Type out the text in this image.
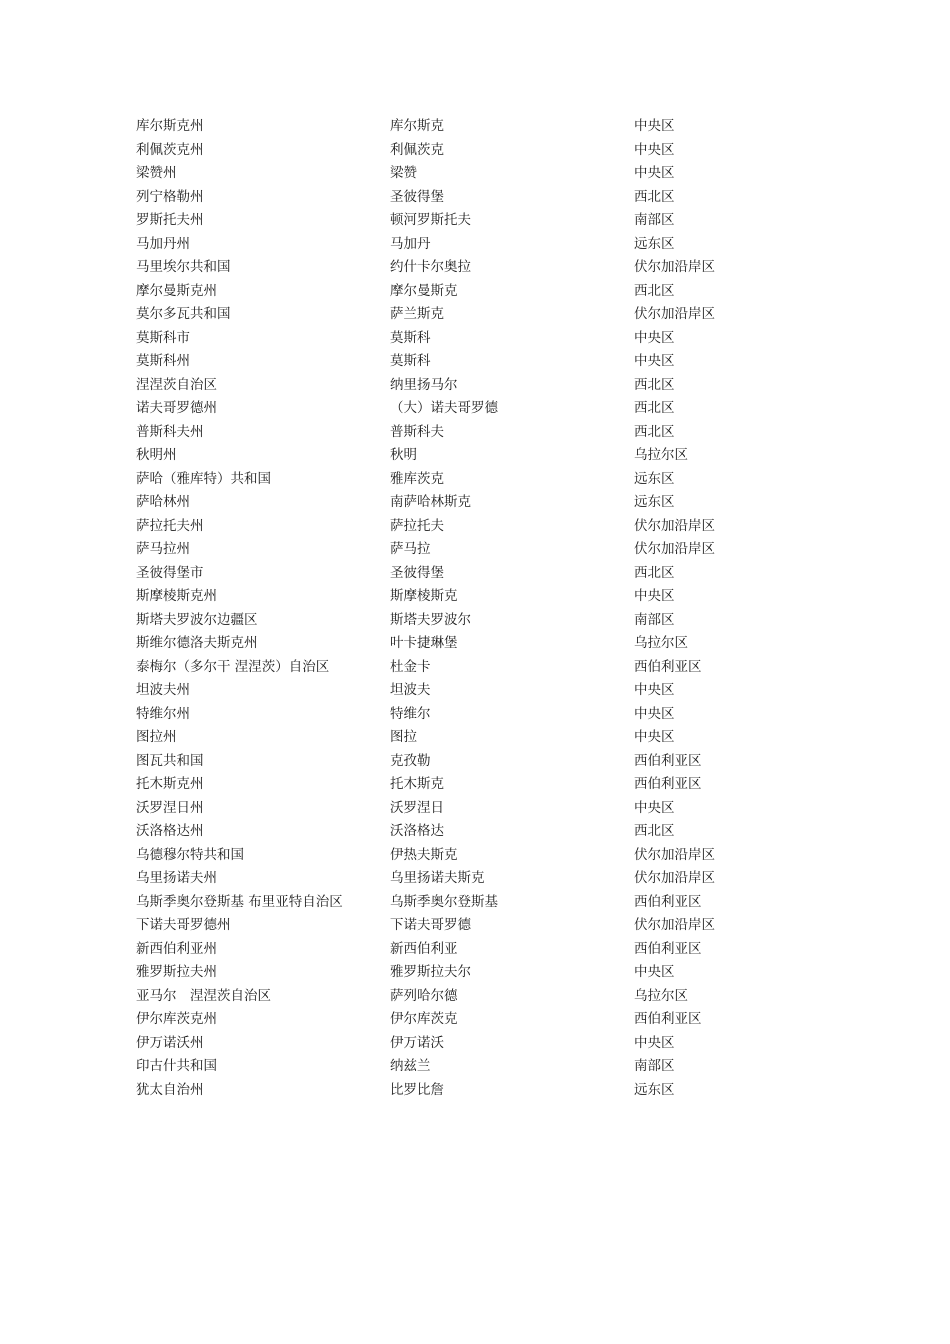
库尔斯克州	库尔斯克	中央区
利佩茨克州	利佩茨克	中央区
梁赞州	梁赞	中央区
列宁格勒州	圣彼得堡	西北区
罗斯托夫州	顿河罗斯托夫	南部区
马加丹州	马加丹	远东区
马里埃尔共和国	约什卡尔奥拉	伏尔加沿岸区
摩尔曼斯克州	摩尔曼斯克	西北区
莫尔多瓦共和国	萨兰斯克	伏尔加沿岸区
莫斯科市	莫斯科	中央区
莫斯科州	莫斯科	中央区
涅涅茨自治区	纳里扬马尔	西北区
诺夫哥罗德州	（大）诺夫哥罗德	西北区
普斯科夫州	普斯科夫	西北区
秋明州	秋明	乌拉尔区
萨哈（雅库特）共和国	雅库茨克	远东区
萨哈林州	南萨哈林斯克	远东区
萨拉托夫州	萨拉托夫	伏尔加沿岸区
萨马拉州	萨马拉	伏尔加沿岸区
圣彼得堡市	圣彼得堡	西北区
斯摩棱斯克州	斯摩棱斯克	中央区
斯塔夫罗波尔边疆区	斯塔夫罗波尔	南部区
斯维尔德洛夫斯克州	叶卡捷琳堡	乌拉尔区
泰梅尔（多尔干 涅涅茨）自治区	杜金卡	西伯利亚区
坦波夫州	坦波夫	中央区
特维尔州	特维尔	中央区
图拉州	图拉	中央区
图瓦共和国	克孜勒	西伯利亚区
托木斯克州	托木斯克	西伯利亚区
沃罗涅日州	沃罗涅日	中央区
沃洛格达州	沃洛格达	西北区
乌德穆尔特共和国	伊热夫斯克	伏尔加沿岸区
乌里扬诺夫州	乌里扬诺夫斯克	伏尔加沿岸区
乌斯季奥尔登斯基 布里亚特自治区	乌斯季奥尔登斯基	西伯利亚区
下诺夫哥罗德州	下诺夫哥罗德	伏尔加沿岸区
新西伯利亚州	新西伯利亚	西伯利亚区
雅罗斯拉夫州	雅罗斯拉夫尔	中央区
亚马尔　涅涅茨自治区	萨列哈尔德	乌拉尔区
伊尔库茨克州	伊尔库茨克	西伯利亚区
伊万诺沃州	伊万诺沃	中央区
印古什共和国	纳兹兰	南部区
犹太自治州	比罗比詹	远东区
